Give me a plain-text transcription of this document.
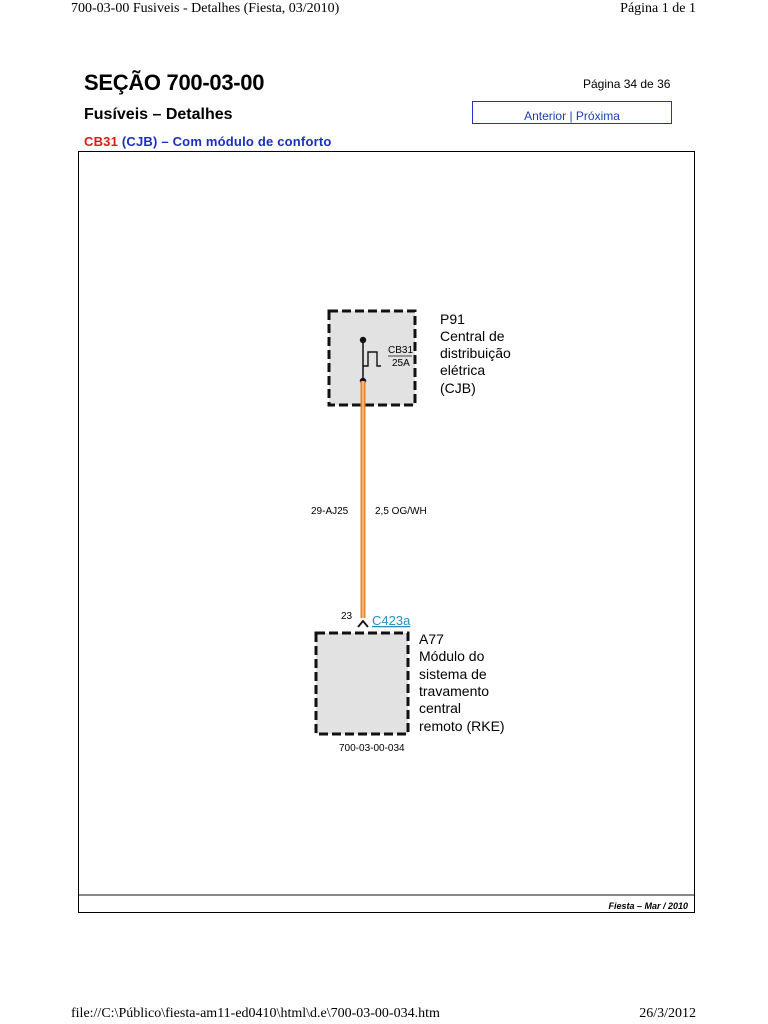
700-03-00 Fusiveis - Detalhes (Fiesta, 03/2010)	Página 1 de 1
SEÇÃO 700-03-00
Fusíveis – Detalhes
Página 34 de 36
Anterior | Próxima
CB31 (CJB) – Com módulo de conforto
CB31
25A
P91
Central de
distribuição
elétrica
(CJB)
29-AJ25	2,5 OG/WH
23 C423a
A77
Módulo do
sistema de
travamento
central
remoto (RKE)
700-03-00-034
Fiesta – Mar / 2010
file://C:\Público\fiesta-am11-ed0410\html\d.e\700-03-00-034.htm	26/3/2012
